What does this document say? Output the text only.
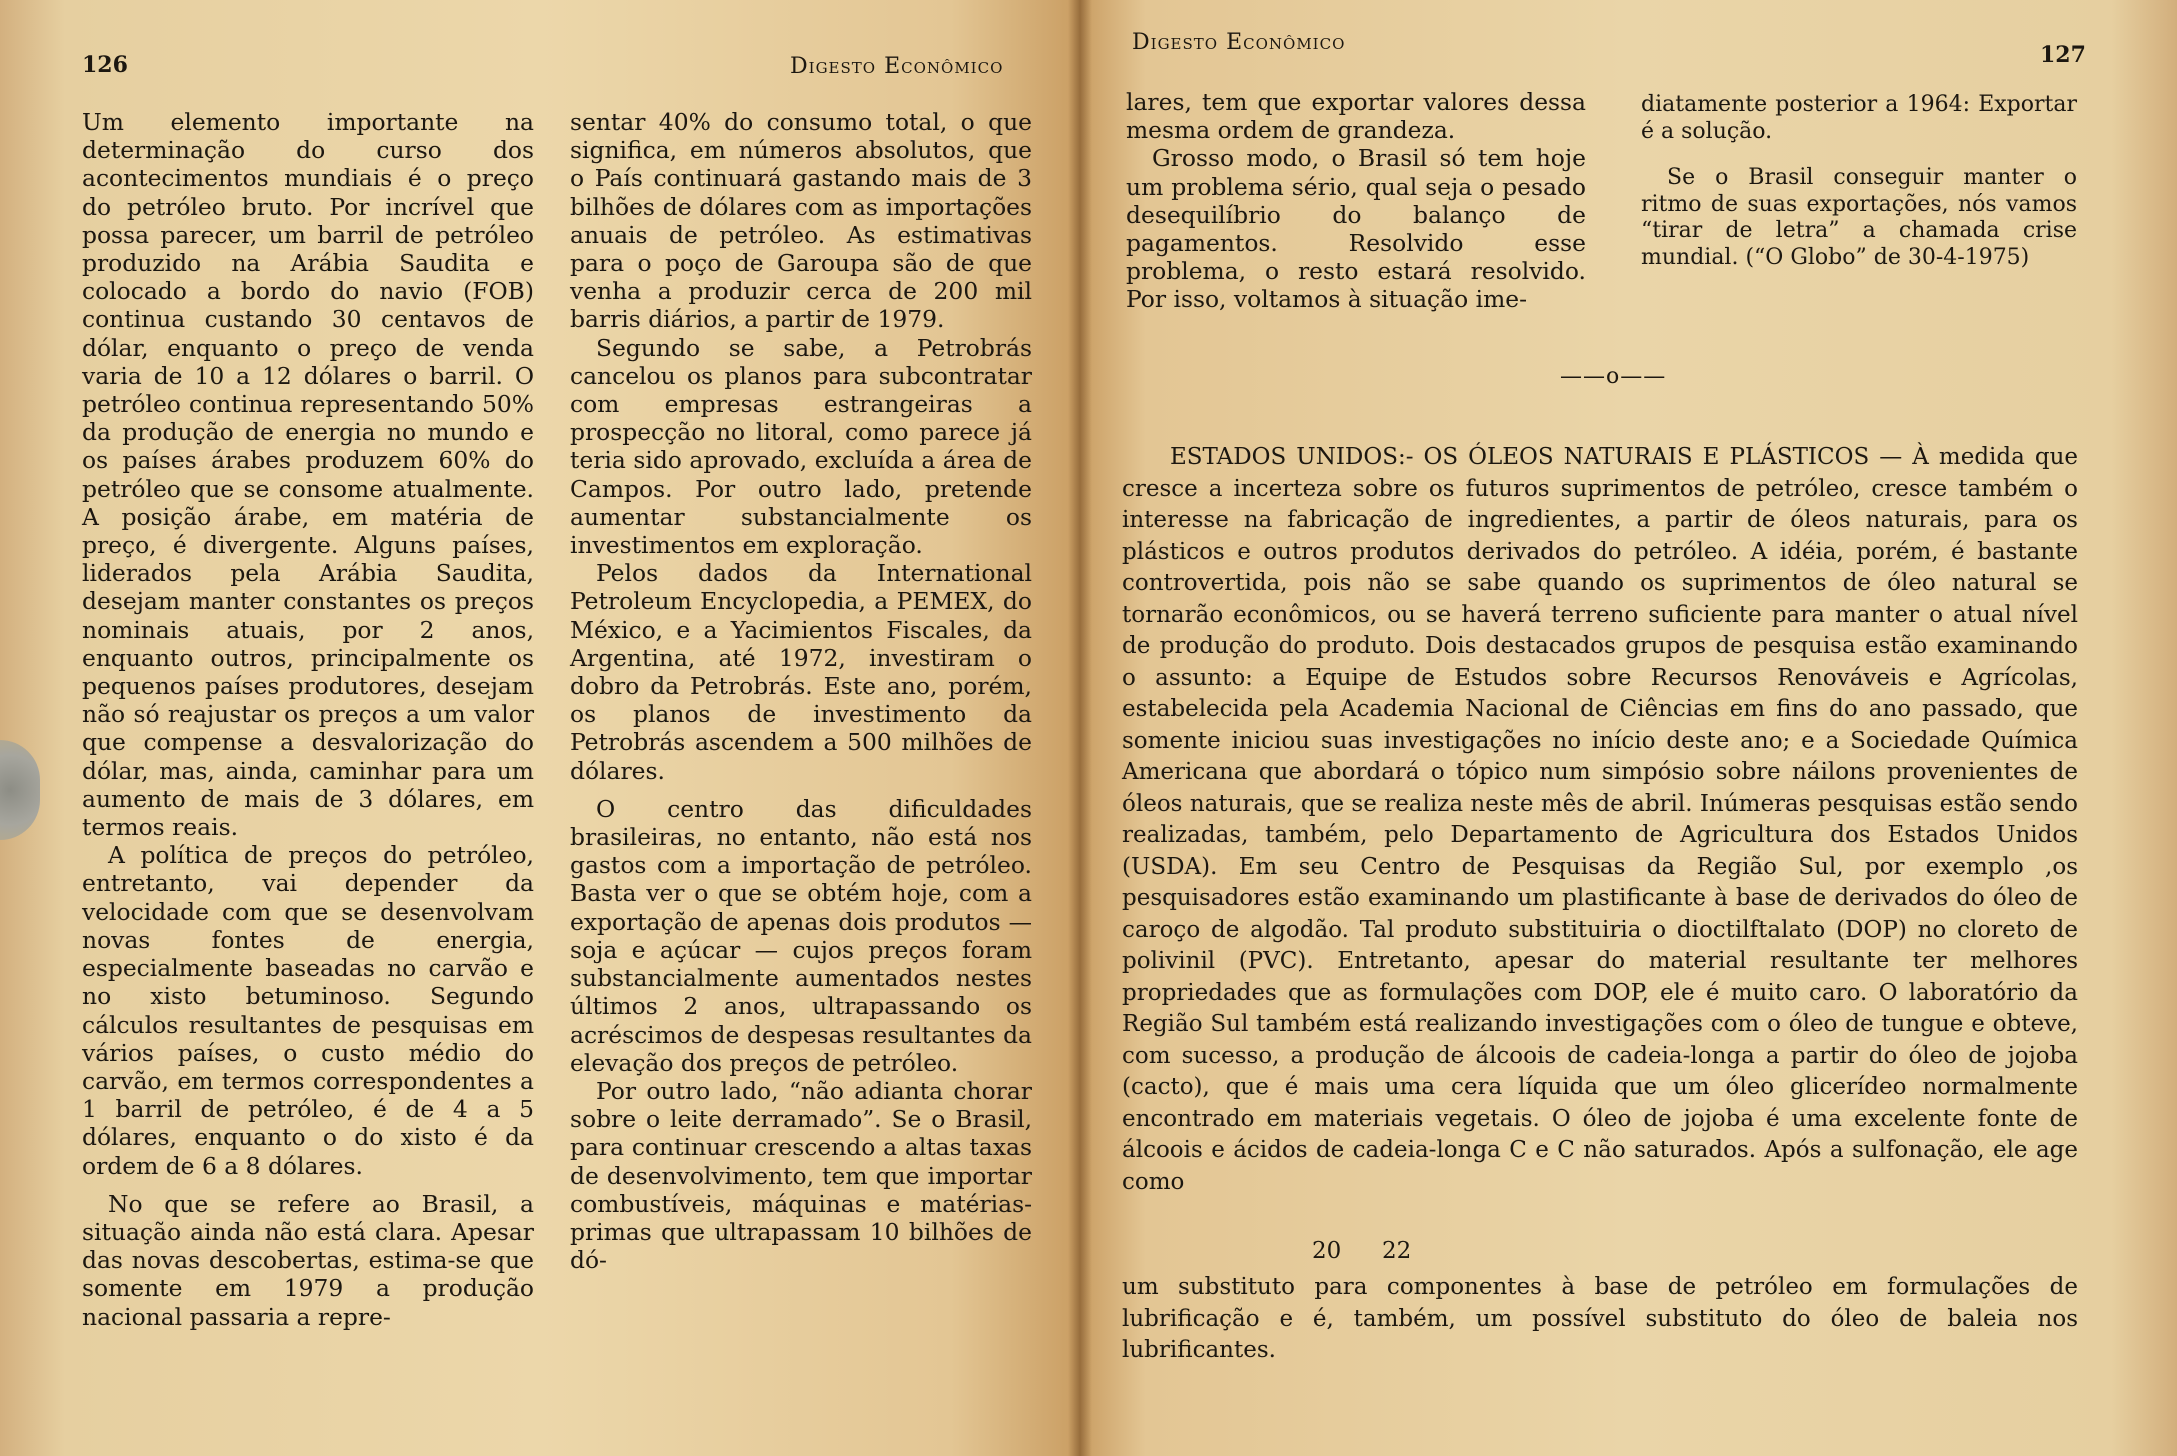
126	Digesto Econômico

Um elemento importante na determinação do curso dos acontecimentos mundiais é o preço do petróleo bruto. Por incrível que possa parecer, um barril de petróleo produzido na Arábia Saudita e colocado a bordo do navio (FOB) continua custando 30 centavos de dólar, enquanto o preço de venda varia de 10 a 12 dólares o barril. O petróleo continua representando 50% da produção de energia no mundo e os países árabes produzem 60% do petróleo que se consome atualmente. A posição árabe, em matéria de preço, é divergente. Alguns países, liderados pela Arábia Saudita, desejam manter constantes os preços nominais atuais, por 2 anos, enquanto outros, principalmente os pequenos países produtores, desejam não só reajustar os preços a um valor que compense a desvalorização do dólar, mas, ainda, caminhar para um aumento de mais de 3 dólares, em termos reais.

A política de preços do petróleo, entretanto, vai depender da velocidade com que se desenvolvam novas fontes de energia, especialmente baseadas no carvão e no xisto betuminoso. Segundo cálculos resultantes de pesquisas em vários países, o custo médio do carvão, em termos correspondentes a 1 barril de petróleo, é de 4 a 5 dólares, enquanto o do xisto é da ordem de 6 a 8 dólares.

No que se refere ao Brasil, a situação ainda não está clara. Apesar das novas descobertas, estima-se que somente em 1979 a produção nacional passaria a repre-

sentar 40% do consumo total, o que significa, em números absolutos, que o País continuará gastando mais de 3 bilhões de dólares com as importações anuais de petróleo. As estimativas para o poço de Garoupa são de que venha a produzir cerca de 200 mil barris diários, a partir de 1979.

Segundo se sabe, a Petrobrás cancelou os planos para subcontratar com empresas estrangeiras a prospecção no litoral, como parece já teria sido aprovado, excluída a área de Campos. Por outro lado, pretende aumentar substancialmente os investimentos em exploração.

Pelos dados da International Petroleum Encyclopedia, a PEMEX, do México, e a Yacimientos Fiscales, da Argentina, até 1972, investiram o dobro da Petrobrás. Este ano, porém, os planos de investimento da Petrobrás ascendem a 500 milhões de dólares.

O centro das dificuldades brasileiras, no entanto, não está nos gastos com a importação de petróleo. Basta ver o que se obtém hoje, com a exportação de apenas dois produtos — soja e açúcar — cujos preços foram substancialmente aumentados nestes últimos 2 anos, ultrapassando os acréscimos de despesas resultantes da elevação dos preços de petróleo.

Por outro lado, “não adianta chorar sobre o leite derramado”. Se o Brasil, para continuar crescendo a altas taxas de desenvolvimento, tem que importar combustíveis, máquinas e matérias-primas que ultrapassam 10 bilhões de dó-

Digesto Econômico	127

lares, tem que exportar valores dessa mesma ordem de grandeza.

Grosso modo, o Brasil só tem hoje um problema sério, qual seja o pesado desequilíbrio do balanço de pagamentos. Resolvido esse problema, o resto estará resolvido. Por isso, voltamos à situação ime-

diatamente posterior a 1964: Exportar é a solução.

Se o Brasil conseguir manter o ritmo de suas exportações, nós vamos “tirar de letra” a chamada crise mundial. (“O Globo” de 30-4-1975)

——o——

ESTADOS UNIDOS:- OS ÓLEOS NATURAIS E PLÁSTICOS — À medida que cresce a incerteza sobre os futuros suprimentos de petróleo, cresce também o interesse na fabricação de ingredientes, a partir de óleos naturais, para os plásticos e outros produtos derivados do petróleo. A idéia, porém, é bastante controvertida, pois não se sabe quando os suprimentos de óleo natural se tornarão econômicos, ou se haverá terreno suficiente para manter o atual nível de produção do produto. Dois destacados grupos de pesquisa estão examinando o assunto: a Equipe de Estudos sobre Recursos Renováveis e Agrícolas, estabelecida pela Academia Nacional de Ciências em fins do ano passado, que somente iniciou suas investigações no início deste ano; e a Sociedade Química Americana que abordará o tópico num simpósio sobre náilons provenientes de óleos naturais, que se realiza neste mês de abril. Inúmeras pesquisas estão sendo realizadas, também, pelo Departamento de Agricultura dos Estados Unidos (USDA). Em seu Centro de Pesquisas da Região Sul, por exemplo ,os pesquisadores estão examinando um plastificante à base de derivados do óleo de caroço de algodão. Tal produto substituiria o dioctilftalato (DOP) no cloreto de polivinil (PVC). Entretanto, apesar do material resultante ter melhores propriedades que as formulações com DOP, ele é muito caro. O laboratório da Região Sul também está realizando investigações com o óleo de tungue e obteve, com sucesso, a produção de álcoois de cadeia-longa a partir do óleo de jojoba (cacto), que é mais uma cera líquida que um óleo glicerídeo normalmente encontrado em materiais vegetais. O óleo de jojoba é uma excelente fonte de álcoois e ácidos de cadeia-longa C e C não saturados. Após a sulfonação, ele age como

20 22

um substituto para componentes à base de petróleo em formulações de lubrificação e é, também, um possível substituto do óleo de baleia nos lubrificantes.
